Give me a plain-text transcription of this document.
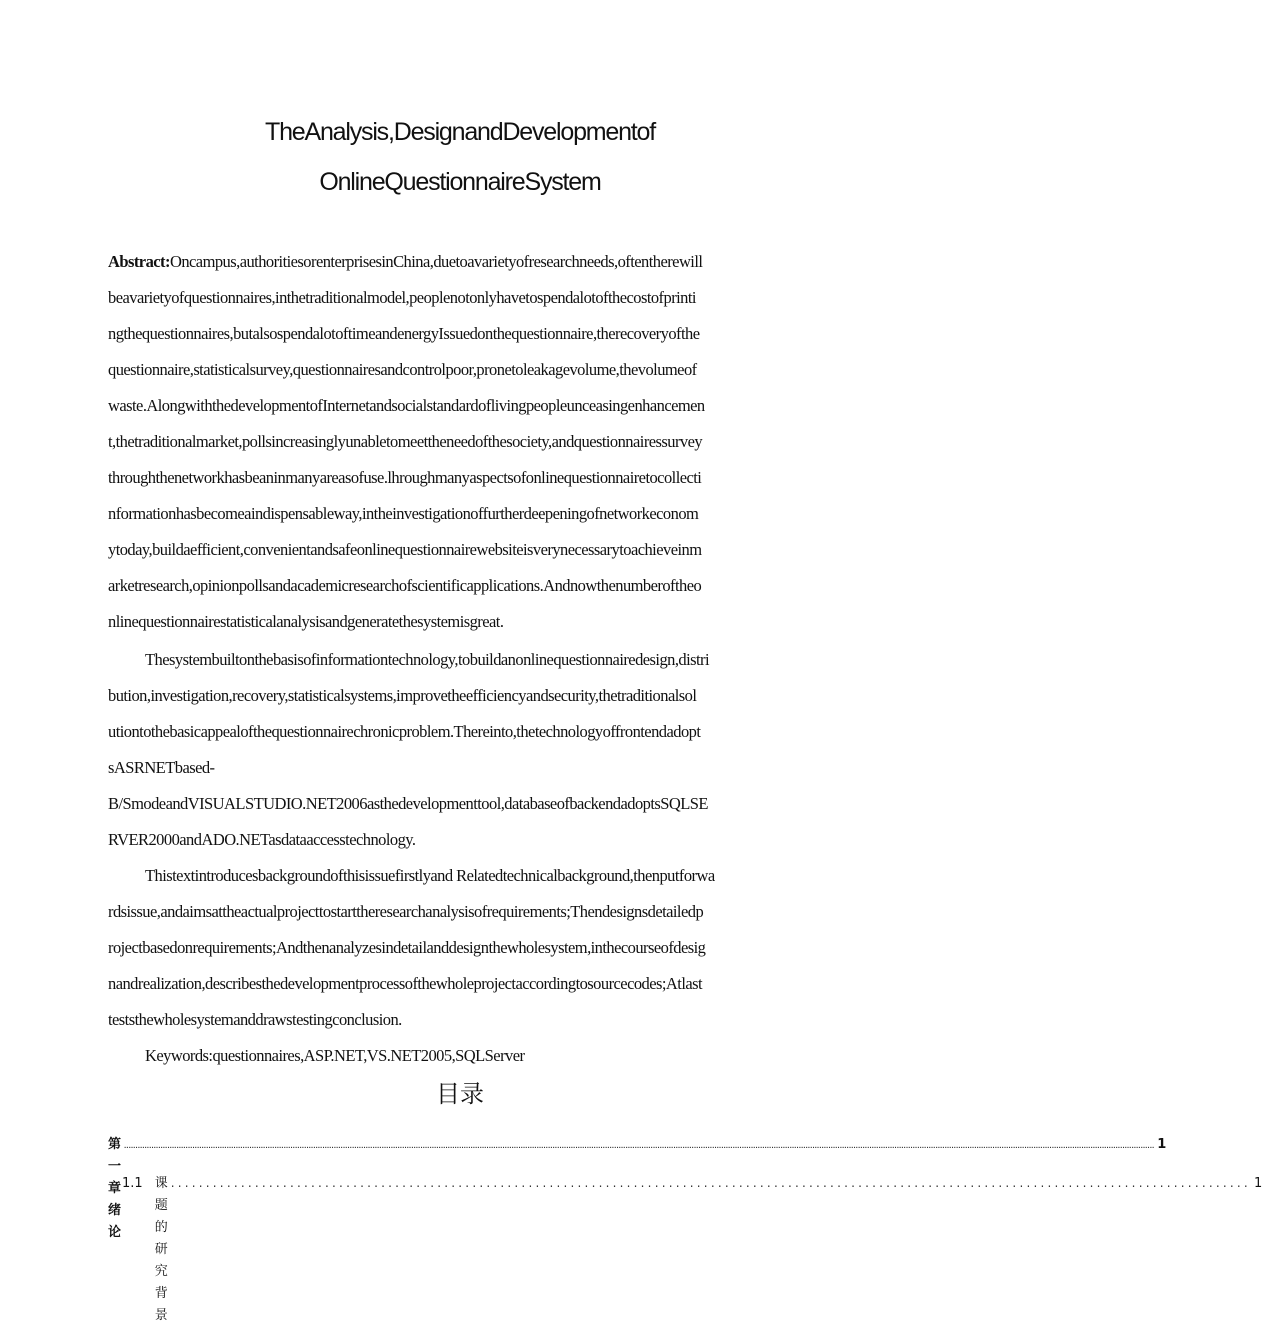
TheAnalysis,DesignandDevelopmentof
OnlineQuestionnaireSystem
Abstract:Oncampus,authoritiesorenterprisesinChina,duetoavarietyofresearchneeds,oftentherewill
beavarietyofquestionnaires,inthetraditionalmodel,peoplenotonlyhavetospendalotofthecostofprinti
ngthequestionnaires,butalsospendalotoftimeandenergyIssuedonthequestionnaire,therecoveryofthe
questionnaire,statisticalsurvey,questionnairesandcontrolpoor,pronetoleakagevolume,thevolumeof
waste.AlongwiththedevelopmentofInternetandsocialstandardoflivingpeopleunceasingenhancemen
t,thetraditionalmarket,pollsincreasinglyunabletomeettheneedofthesociety,andquestionnairessurvey
throughthenetworkhasbeaninmanyareasofuse.lhroughmanyaspectsofonlinequestionnairetocollecti
nformationhasbecomeaindispensableway,intheinvestigationoffurtherdeepeningofnetworkeconom
ytoday,buildaefficient,convenientandsafeonlinequestionnairewebsiteisverynecessarytoachieveinm
arketresearch,opinionpollsandacademicresearchofscientificapplications.Andnowthenumberoftheo
nlinequestionnairestatisticalanalysisandgeneratethesystemisgreat.
Thesystembuiltonthebasisofinformationtechnology,tobuildanonlinequestionnairedesign,distri
bution,investigation,recovery,statisticalsystems,improvetheefficiencyandsecurity,thetraditionalsol
utiontothebasicappealofthequestionnairechronicproblem.Thereinto,thetechnologyoffrontendadopt
sASRNETbased-
B/SmodeandVISUALSTUDIO.NET2006asthedevelopmenttool,databaseofbackendadoptsSQLSE
RVER2000andADO.NETasdataaccesstechnology.
Thistextintroducesbackgroundofthisissuefirstlyand Relatedtechnicalbackground,thenputforwa
rdsissue,andaimsattheactualprojecttostarttheresearchanalysisofrequirements;Thendesignsdetailedp
rojectbasedonrequirements;Andthenanalyzesindetailanddesignthewholesystem,inthecourseofdesig
nandrealization,describesthedevelopmentprocessofthewholeprojectaccordingtosourcecodes;Atlast
teststhewholesystemanddrawstestingconclusion.
Keywords:questionnaires,ASP.NET,VS.NET2005,SQLServer
目录
第一章绪论
.................................................................................................................................................................................................................................................................................................................................................................................................................................................................... 1
1.1 课题的研究背景
.......................................................................................................................................................... 1
